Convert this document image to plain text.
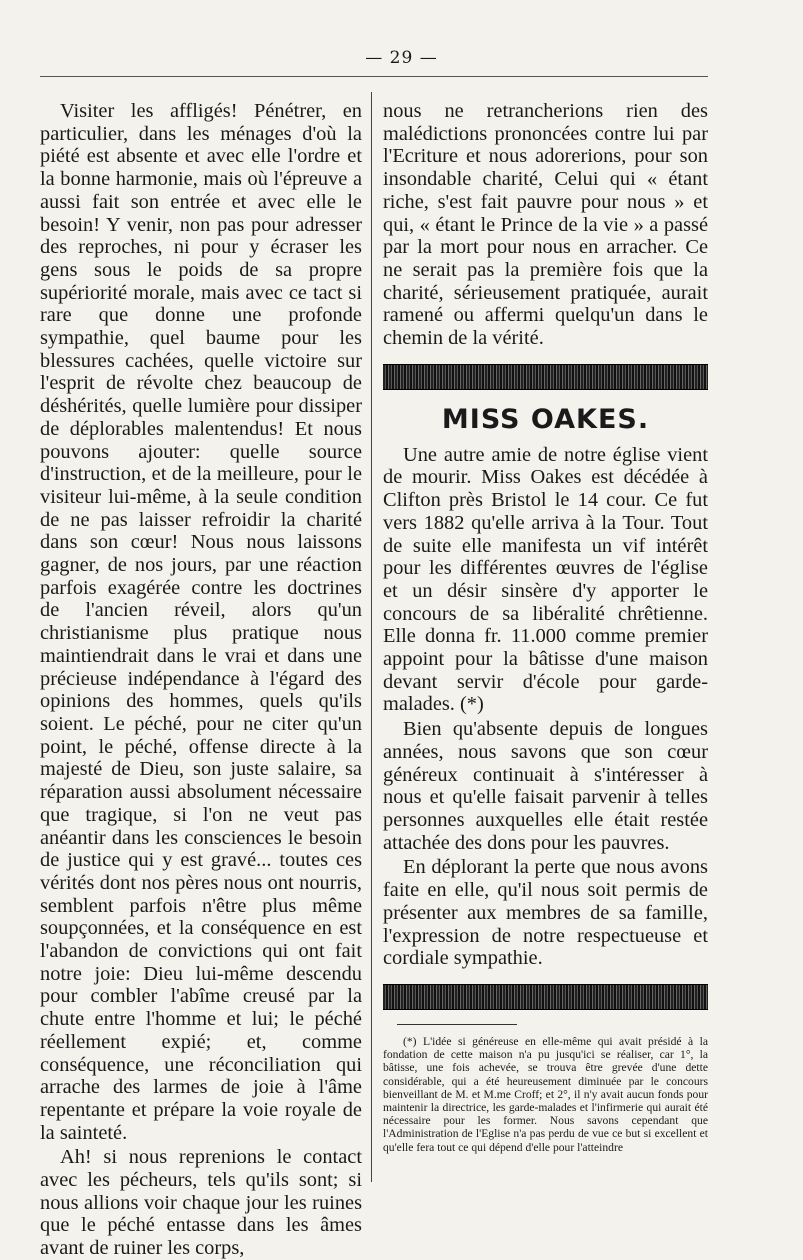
— 29 —

Visiter les affligés! Pénétrer, en particulier, dans les ménages d'où la piété est absente et avec elle l'ordre et la bonne harmonie, mais où l'épreuve a aussi fait son entrée et avec elle le besoin! Y venir, non pas pour adresser des reproches, ni pour y écraser les gens sous le poids de sa propre supériorité morale, mais avec ce tact si rare que donne une profonde sympathie, quel baume pour les blessures cachées, quelle victoire sur l'esprit de révolte chez beaucoup de déshérités, quelle lumière pour dissiper de déplorables malentendus! Et nous pouvons ajouter: quelle source d'instruction, et de la meilleure, pour le visiteur lui-même, à la seule condition de ne pas laisser refroidir la charité dans son cœur! Nous nous laissons gagner, de nos jours, par une réaction parfois exagérée contre les doctrines de l'ancien réveil, alors qu'un christianisme plus pratique nous maintiendrait dans le vrai et dans une précieuse indépendance à l'égard des opinions des hommes, quels qu'ils soient. Le péché, pour ne citer qu'un point, le péché, offense directe à la majesté de Dieu, son juste salaire, sa réparation aussi absolument nécessaire que tragique, si l'on ne veut pas anéantir dans les consciences le besoin de justice qui y est gravé... toutes ces vérités dont nos pères nous ont nourris, semblent parfois n'être plus même soupçonnées, et la conséquence en est l'abandon de convictions qui ont fait notre joie: Dieu lui-même descendu pour combler l'abîme creusé par la chute entre l'homme et lui; le péché réellement expié; et, comme conséquence, une réconciliation qui arrache des larmes de joie à l'âme repentante et prépare la voie royale de la sainteté.

Ah! si nous reprenions le contact avec les pécheurs, tels qu'ils sont; si nous allions voir chaque jour les ruines que le péché entasse dans les âmes avant de ruiner les corps,

nous ne retrancherions rien des malédictions prononcées contre lui par l'Ecriture et nous adorerions, pour son insondable charité, Celui qui « étant riche, s'est fait pauvre pour nous » et qui, « étant le Prince de la vie » a passé par la mort pour nous en arracher. Ce ne serait pas la première fois que la charité, sérieusement pratiquée, aurait ramené ou affermi quelqu'un dans le chemin de la vérité.

MISS OAKES.

Une autre amie de notre église vient de mourir. Miss Oakes est décédée à Clifton près Bristol le 14 cour. Ce fut vers 1882 qu'elle arriva à la Tour. Tout de suite elle manifesta un vif intérêt pour les différentes œuvres de l'église et un désir sinsère d'y apporter le concours de sa libéralité chrêtienne. Elle donna fr. 11.000 comme premier appoint pour la bâtisse d'une maison devant servir d'école pour garde-malades. (*)

Bien qu'absente depuis de longues années, nous savons que son cœur généreux continuait à s'intéresser à nous et qu'elle faisait parvenir à telles personnes auxquelles elle était restée attachée des dons pour les pauvres.

En déplorant la perte que nous avons faite en elle, qu'il nous soit permis de présenter aux membres de sa famille, l'expression de notre respectueuse et cordiale sympathie.

(*) L'idée si généreuse en elle-même qui avait présidé à la fondation de cette maison n'a pu jusqu'ici se réaliser, car 1°, la bâtisse, une fois achevée, se trouva être grevée d'une dette considérable, qui a été heureusement diminuée par le concours bienveillant de M. et M.me Croff; et 2°, il n'y avait aucun fonds pour maintenir la directrice, les garde-malades et l'infirmerie qui aurait été nécessaire pour les former. Nous savons cependant que l'Administration de l'Eglise n'a pas perdu de vue ce but si excellent et qu'elle fera tout ce qui dépend d'elle pour l'atteindre
